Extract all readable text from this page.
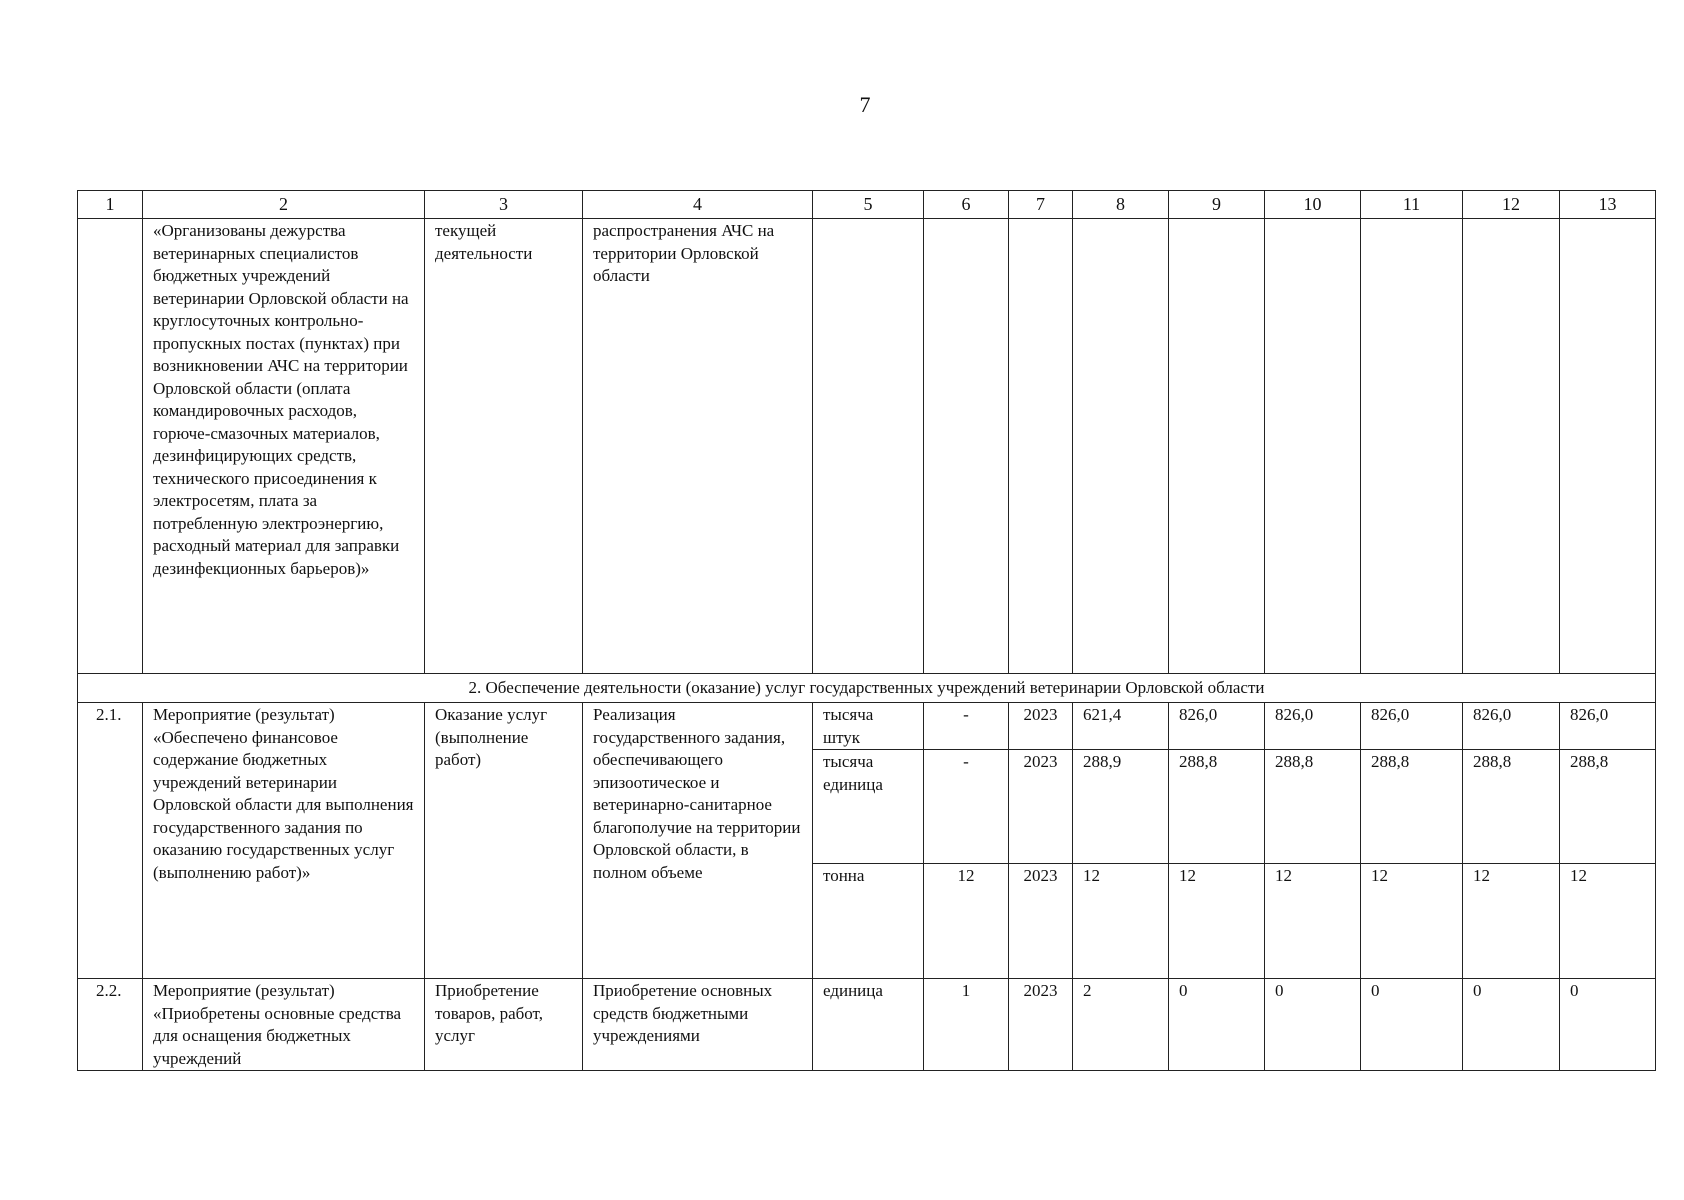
7
1	2	3	4	5	6	7	8	9	10	11	12	13
	«Организованы дежурства ветеринарных специалистов бюджетных учреждений ветеринарии Орловской области на круглосуточных контрольно-пропускных постах (пунктах) при возникновении АЧС на территории Орловской области (оплата командировочных расходов, горюче-смазочных материалов, дезинфицирующих средств, технического присоединения к электросетям, плата за потребленную электроэнергию, расходный материал для заправки дезинфекционных барьеров)»	текущей деятельности	распространения АЧС на территории Орловской области									
2. Обеспечение деятельности (оказание) услуг государственных учреждений ветеринарии Орловской области												
2.1.	Мероприятие (результат) «Обеспечено финансовое содержание бюджетных учреждений ветеринарии Орловской области для выполнения государственного задания по оказанию государственных услуг (выполнению работ)»	Оказание услуг (выполнение работ)	Реализация государственного задания, обеспечивающего эпизоотическое и ветеринарно-санитарное благополучие на территории Орловской области, в полном объеме	тысяча штук	-	2023	621,4	826,0	826,0	826,0	826,0	826,0
				тысяча единица	-	2023	288,9	288,8	288,8	288,8	288,8	288,8
				тонна	12	2023	12	12	12	12	12	12
2.2.	Мероприятие (результат) «Приобретены основные средства для оснащения бюджетных учреждений	Приобретение товаров, работ, услуг	Приобретение основных средств бюджетными учреждениями	единица	1	2023	2	0	0	0	0	0
